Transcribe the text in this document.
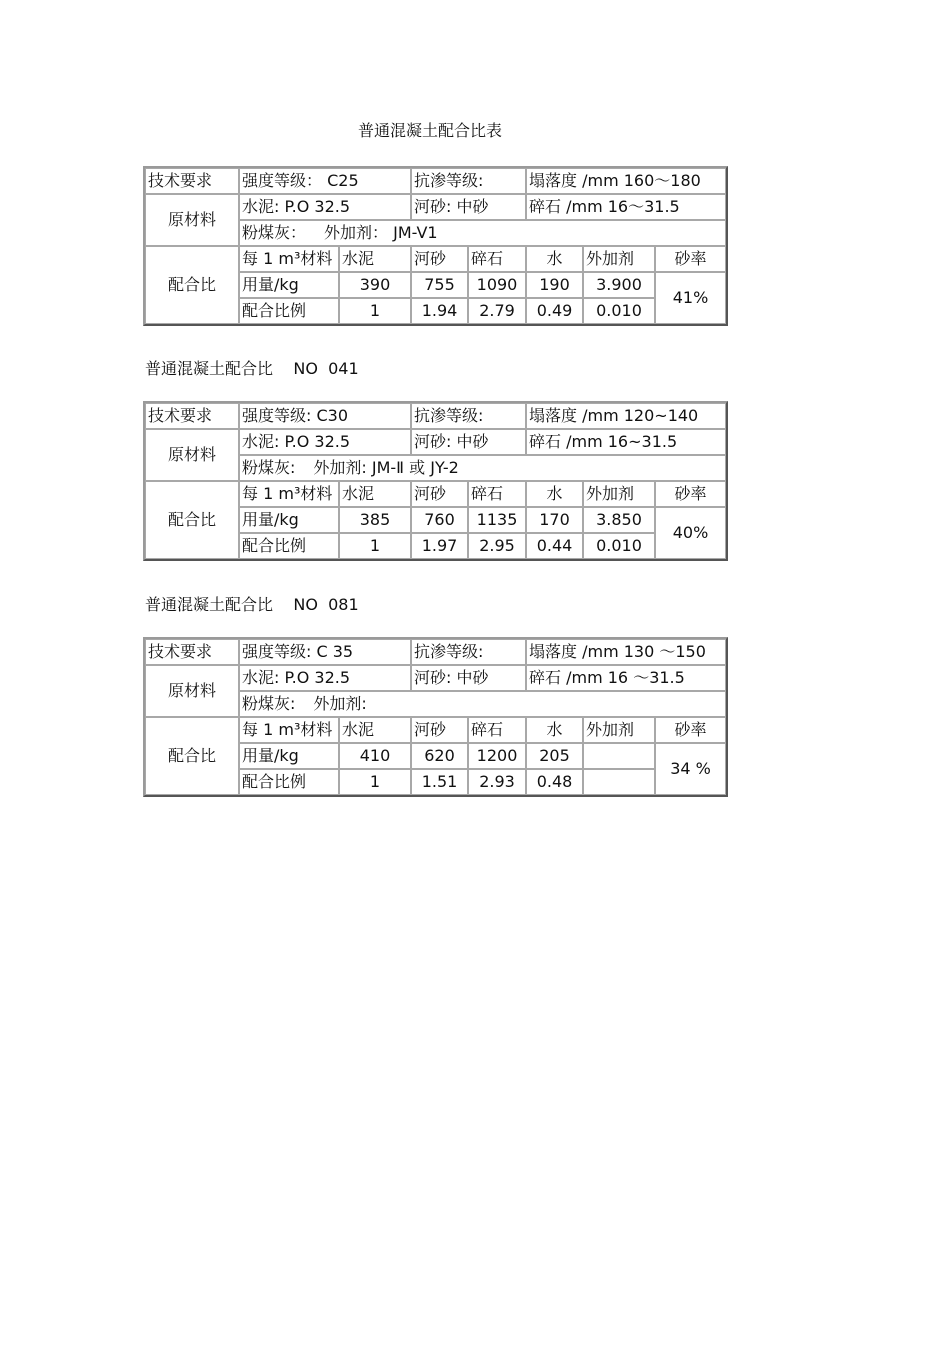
普通混凝土配合比表
技术要求	强度等级： C25		抗渗等级:		塌落度 /mm 160～180		
原材料	水泥: P.O 32.5		河砂: 中砂		碎石 /mm 16～31.5		
	粉煤灰： 外加剂： JM-V1						
配合比	每 1 m³材料	水泥	河砂	碎石	水	外加剂	砂率
	用量/kg	390	755	1090	190	3.900	41%
	配合比例	1	1.94	2.79	0.49	0.010	
普通混凝土配合比    NO  041
技术要求	强度等级: C30		抗渗等级:		塌落度 /mm 120~140		
原材料	水泥: P.O 32.5		河砂: 中砂		碎石 /mm 16~31.5		
	粉煤灰: 外加剂: JM-Ⅱ 或 JY-2						
配合比	每 1 m³材料	水泥	河砂	碎石	水	外加剂	砂率
	用量/kg	385	760	1135	170	3.850	40%
	配合比例	1	1.97	2.95	0.44	0.010	
普通混凝土配合比    NO  081
技术要求	强度等级: C 35		抗渗等级:		塌落度 /mm 130 ～150		
原材料	水泥: P.O 32.5		河砂: 中砂		碎石 /mm 16 ～31.5		
	粉煤灰: 外加剂:						
配合比	每 1 m³材料	水泥	河砂	碎石	水	外加剂	砂率
	用量/kg	410	620	1200	205		34 %
	配合比例	1	1.51	2.93	0.48		
